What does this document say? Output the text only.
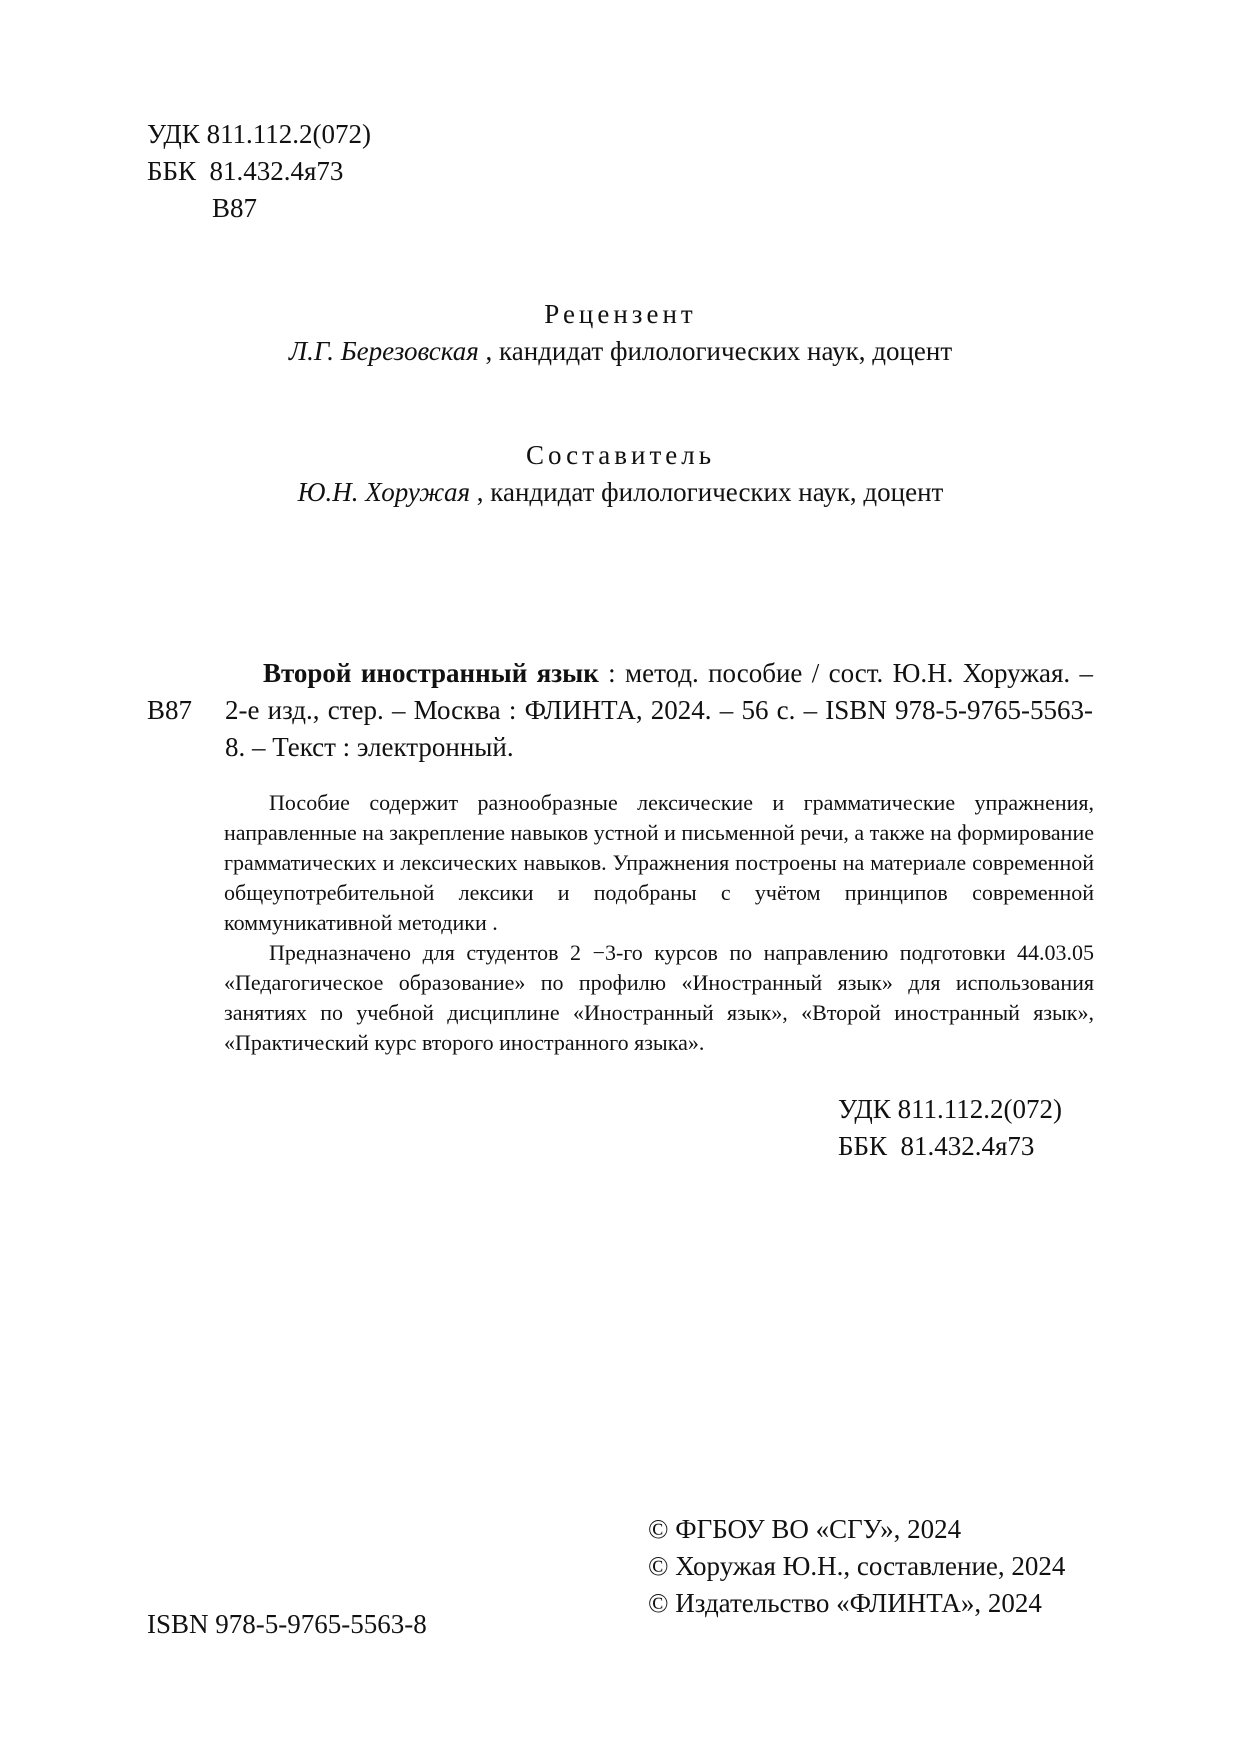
УДК 811.112.2(072)
ББК  81.432.4я73
В87
Рецензент
Л.Г. Березовская , кандидат филологических наук, доцент
Составитель
Ю.Н. Хоружая , кандидат филологических наук, доцент
В87
Второй иностранный язык : метод. пособие / сост. Ю.Н. Хоружая. – 2-е изд., стер. – Москва : ФЛИНТА, 2024. – 56 с. – ISBN 978-5-9765-5563-8. – Текст : электронный.

Пособие содержит разнообразные лексические и грамматические упражнения, направленные на закрепление навыков устной и письменной речи, а также на формирование грамматических и лексических навыков. Упражнения построены на материале современной общеупотребительной лексики и подобраны с учётом принципов современной коммуникативной методики .

Предназначено для студентов 2 −3-го курсов по направлению подготовки 44.03.05 «Педагогическое образование» по профилю «Иностранный язык» для использования занятиях по учебной дисциплине «Иностранный язык», «Второй иностранный язык», «Практический курс второго иностранного языка».

УДК 811.112.2(072)
ББК  81.432.4я73
ISBN 978-5-9765-5563-8
© ФГБОУ ВО «СГУ», 2024
© Хоружая Ю.Н., составление, 2024
© Издательство «ФЛИНТА», 2024
